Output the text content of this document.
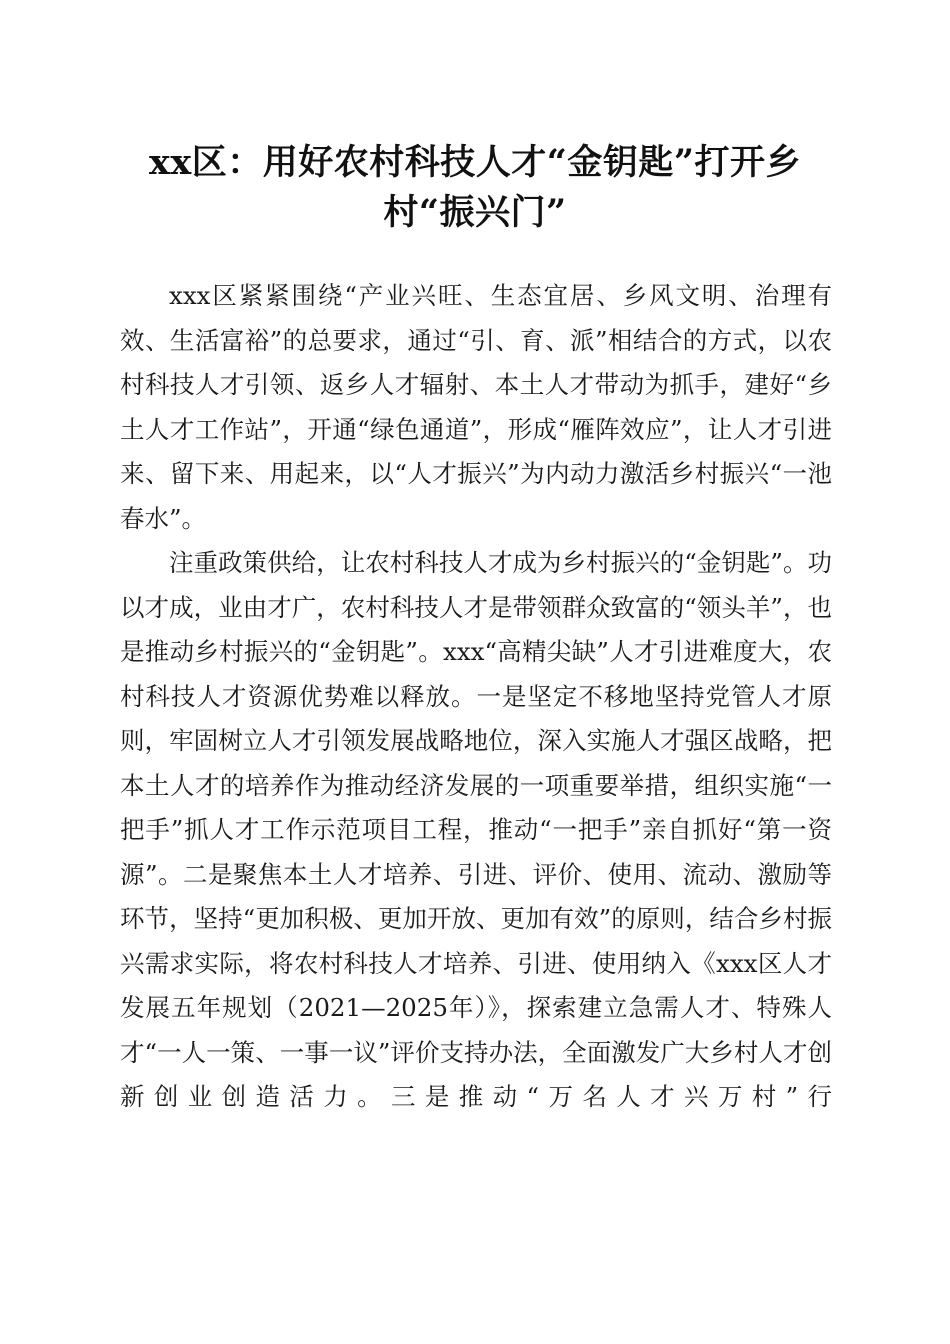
xx区：用好农村科技人才“金钥匙”打开乡
村“振兴门”

xxx区紧紧围绕“产业兴旺、生态宜居、乡风文明、治理有效、生活富裕”的总要求，通过“引、育、派”相结合的方式，以农村科技人才引领、返乡人才辐射、本土人才带动为抓手，建好“乡土人才工作站”，开通“绿色通道”，形成“雁阵效应”，让人才引进来、留下来、用起来，以“人才振兴”为内动力激活乡村振兴“一池春水”。

注重政策供给，让农村科技人才成为乡村振兴的“金钥匙”。功以才成，业由才广，农村科技人才是带领群众致富的“领头羊”，也是推动乡村振兴的“金钥匙”。xxx“高精尖缺”人才引进难度大，农村科技人才资源优势难以释放。一是坚定不移地坚持党管人才原则，牢固树立人才引领发展战略地位，深入实施人才强区战略，把本土人才的培养作为推动经济发展的一项重要举措，组织实施“一把手”抓人才工作示范项目工程，推动“一把手”亲自抓好“第一资源”。二是聚焦本土人才培养、引进、评价、使用、流动、激励等环节，坚持“更加积极、更加开放、更加有效”的原则，结合乡村振兴需求实际，将农村科技人才培养、引进、使用纳入《xxx区人才发展五年规划（2021—2025年）》，探索建立急需人才、特殊人才“一人一策、一事一议”评价支持办法，全面激发广大乡村人才创新创业创造活力。三是推动“万名人才兴万村”行
